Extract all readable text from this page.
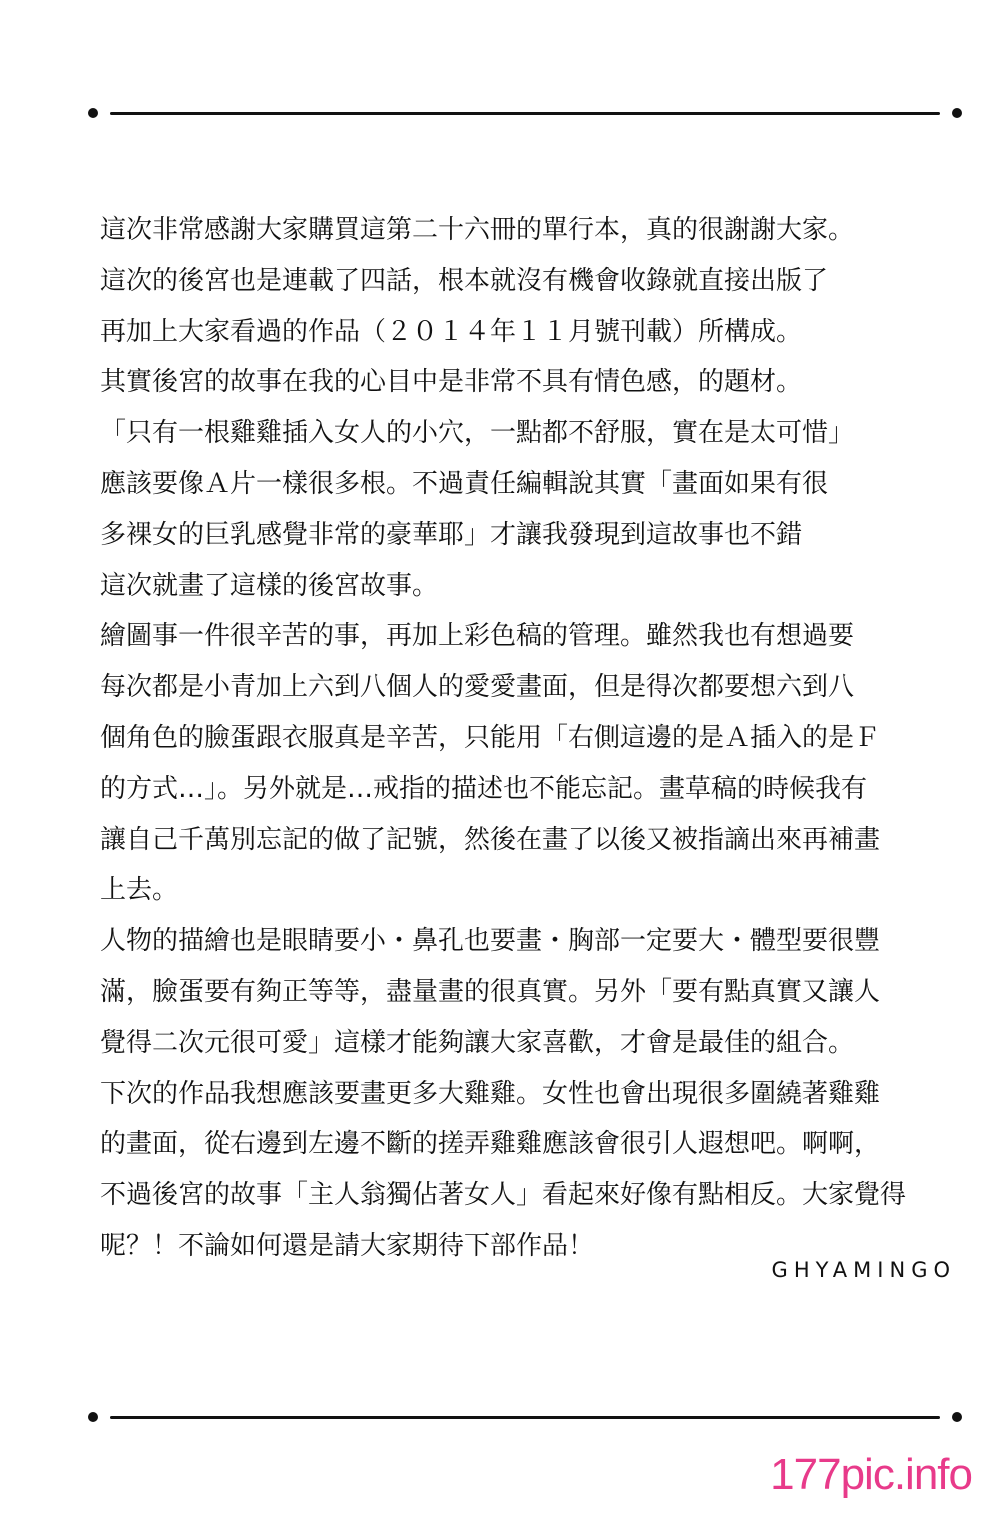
這次非常感謝大家購買這第二十六冊的單行本，真的很謝謝大家。
這次的後宮也是連載了四話，根本就沒有機會收錄就直接出版了
再加上大家看過的作品（２０１４年１１月號刊載）所構成。
其實後宮的故事在我的心目中是非常不具有情色感，的題材。
「只有一根雞雞插入女人的小穴，一點都不舒服，實在是太可惜」
應該要像Ａ片一樣很多根。不過責任編輯說其實「畫面如果有很
多裸女的巨乳感覺非常的豪華耶」才讓我發現到這故事也不錯
這次就畫了這樣的後宮故事。
繪圖事一件很辛苦的事，再加上彩色稿的管理。雖然我也有想過要
每次都是小青加上六到八個人的愛愛畫面，但是得次都要想六到八
個角色的臉蛋跟衣服真是辛苦，只能用「右側這邊的是Ａ插入的是Ｆ
的方式…」。另外就是…戒指的描述也不能忘記。畫草稿的時候我有
讓自己千萬別忘記的做了記號，然後在畫了以後又被指謫出來再補畫
上去。
人物的描繪也是眼睛要小・鼻孔也要畫・胸部一定要大・體型要很豐
滿，臉蛋要有夠正等等，盡量畫的很真實。另外「要有點真實又讓人
覺得二次元很可愛」這樣才能夠讓大家喜歡，才會是最佳的組合。
下次的作品我想應該要畫更多大雞雞。女性也會出現很多圍繞著雞雞
的畫面，從右邊到左邊不斷的搓弄雞雞應該會很引人遐想吧。啊啊，
不過後宮的故事「主人翁獨佔著女人」看起來好像有點相反。大家覺得
呢？！不論如何還是請大家期待下部作品！
GHYAMINGO
177pic.info
